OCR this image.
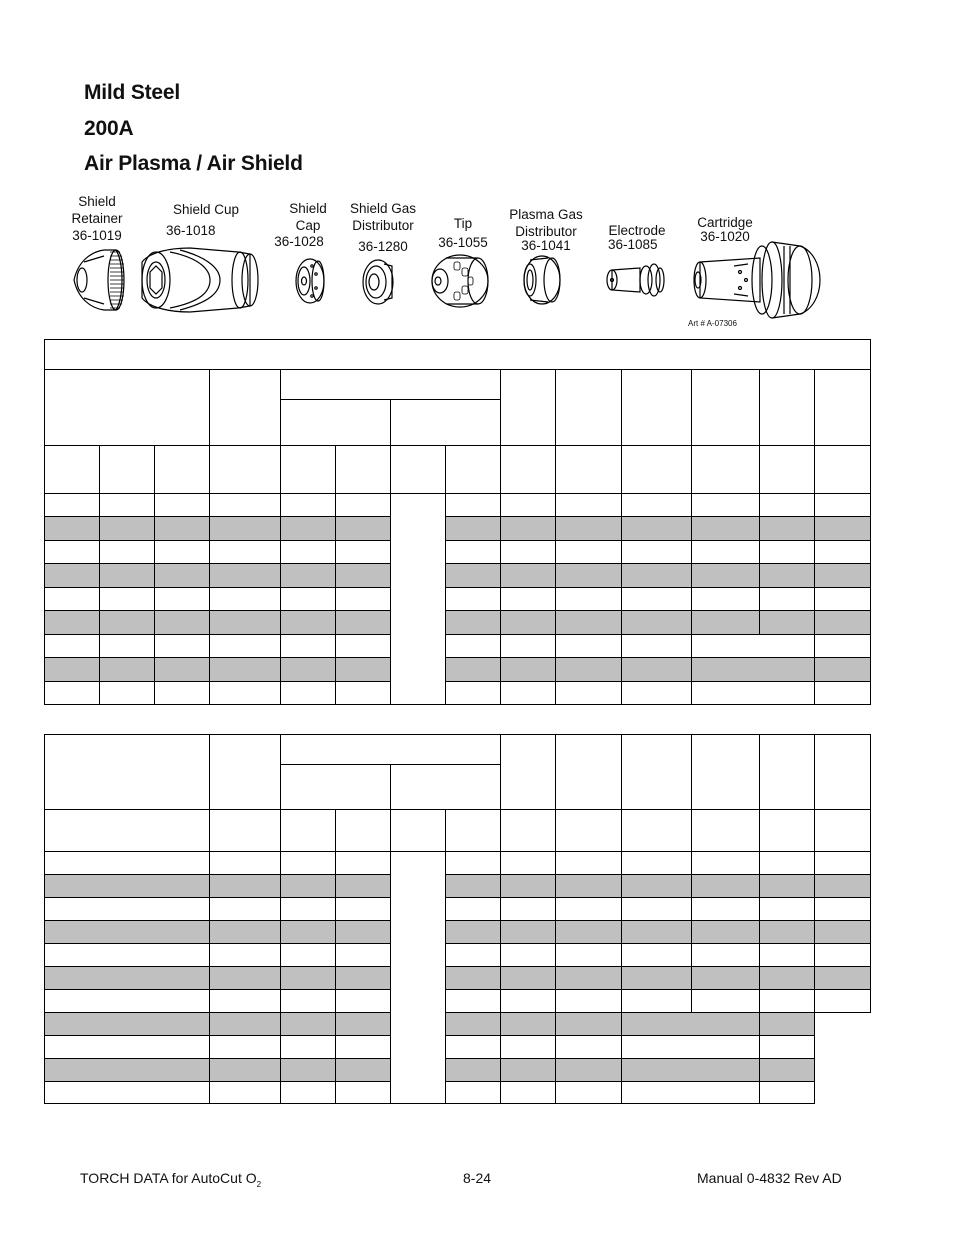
Mild Steel
200A
Air Plasma / Air Shield
Shield
Retainer
36-1019
Shield Cup
36-1018
Shield
Cap
36-1028
Shield Gas
Distributor
36-1280
Tip
36-1055
Plasma Gas
Distributor
36-1041
Electrode
36-1085
Cartridge
36-1020
Art # A-07306

TORCH DATA for AutoCut $O_2$	8-24	Manual 0-4832 Rev AD
